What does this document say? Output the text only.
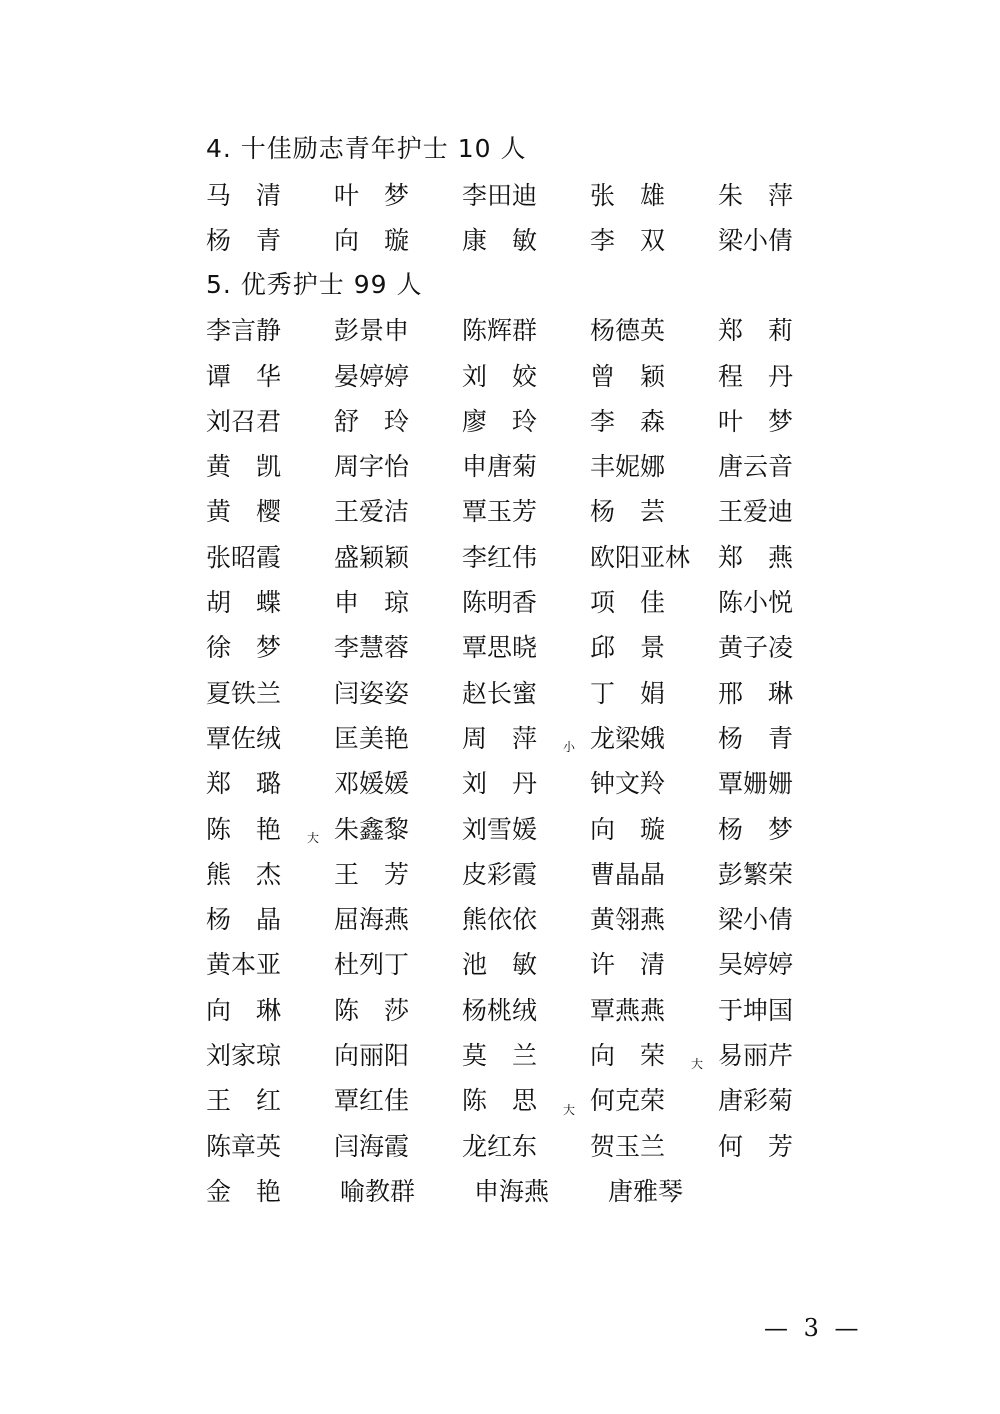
4. 十佳励志青年护士 10 人
马清 叶梦 李田迪 张雄 朱萍
杨青 向璇 康敏 李双 梁小倩
5. 优秀护士 99 人
李言静 彭景申 陈辉群 杨德英 郑莉
谭华 晏婷婷 刘姣 曾颖 程丹
刘召君 舒玲 廖玲 李森 叶梦
黄凯 周字怡 申唐菊 丰妮娜 唐云音
黄樱 王爱洁 覃玉芳 杨芸 王爱迪
张昭霞 盛颖颖 李红伟 欧阳亚林 郑燕
胡蝶 申琼 陈明香 项佳 陈小悦
徐梦 李慧蓉 覃思晓 邱景 黄子凌
夏铁兰 闫姿姿 赵长蜜 丁娟 邢琳
覃佐绒 匡美艳 周萍 小 龙梁娥 杨青
郑璐 邓媛媛 刘丹 钟文羚 覃姗姗
陈艳 大 朱鑫黎 刘雪媛 向璇 杨梦
熊杰 王芳 皮彩霞 曹晶晶 彭繁荣
杨晶 屈海燕 熊依依 黄翎燕 梁小倩
黄本亚 杜列丁 池敏 许清 吴婷婷
向琳 陈莎 杨桃绒 覃燕燕 于坤国
刘家琼 向丽阳 莫兰 向荣 大 易丽芹
王红 覃红佳 陈思 大 何克荣 唐彩菊
陈章英 闫海霞 龙红东 贺玉兰 何芳
金艳 喻教群 申海燕 唐雅琴
— 3 —
